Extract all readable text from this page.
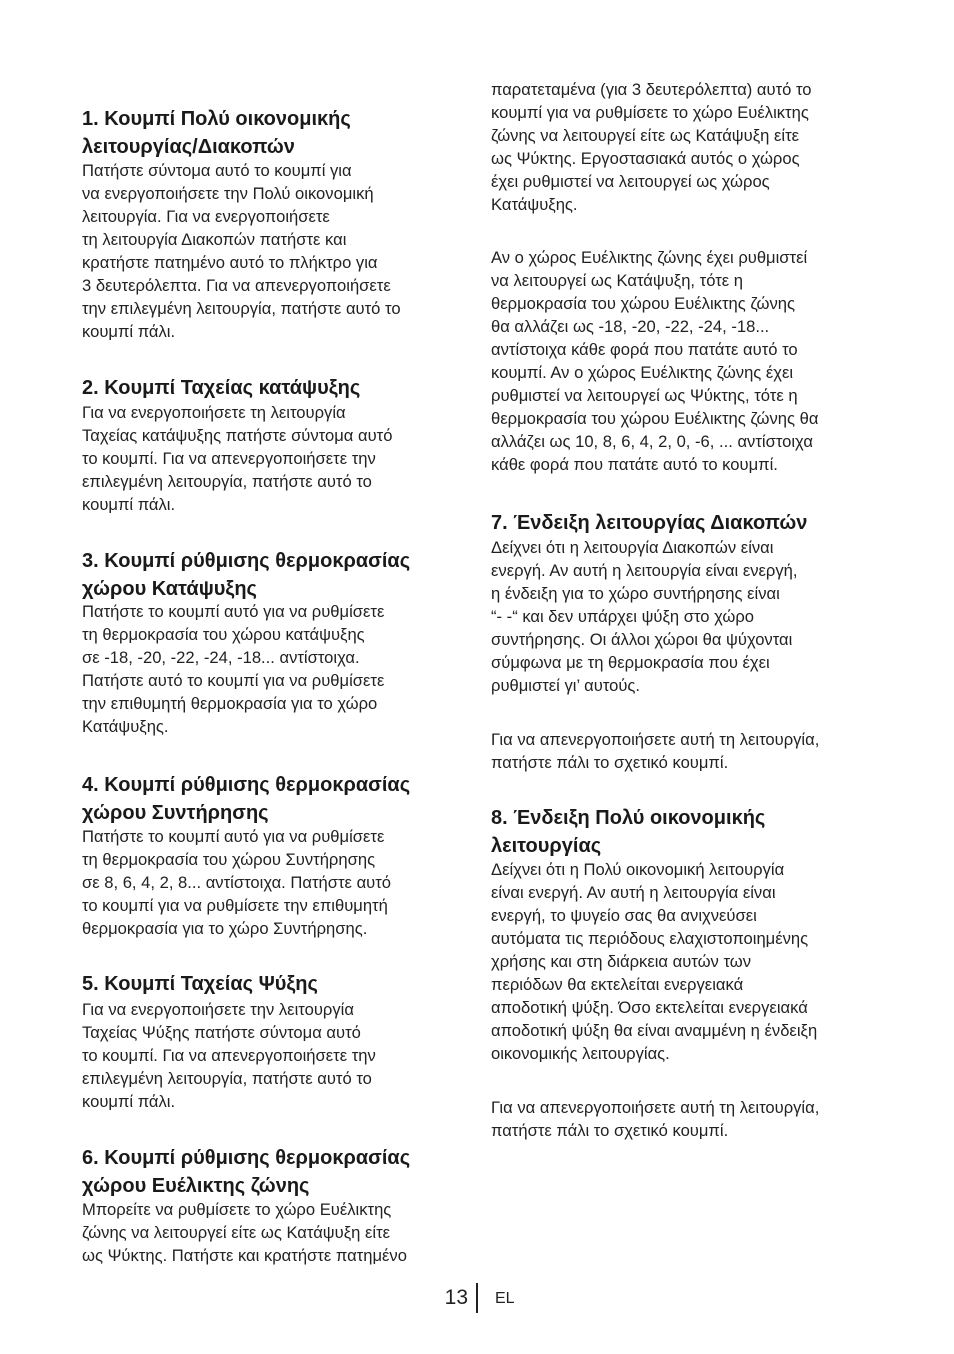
1. Κουμπί Πολύ οικονομικής
λειτουργίας/Διακοπών
Πατήστε σύντομα αυτό το κουμπί για
να ενεργοποιήσετε την Πολύ οικονομική
λειτουργία. Για να ενεργοποιήσετε
τη λειτουργία Διακοπών πατήστε και
κρατήστε πατημένο αυτό το πλήκτρο για
3 δευτερόλεπτα. Για να απενεργοποιήσετε
την επιλεγμένη λειτουργία, πατήστε αυτό το
κουμπί πάλι.
2. Κουμπί Ταχείας κατάψυξης
Για να ενεργοποιήσετε τη λειτουργία
Ταχείας κατάψυξης πατήστε σύντομα αυτό
το κουμπί. Για να απενεργοποιήσετε την
επιλεγμένη λειτουργία, πατήστε αυτό το
κουμπί πάλι.
3. Κουμπί ρύθμισης θερμοκρασίας
χώρου Κατάψυξης
Πατήστε το κουμπί αυτό για να ρυθμίσετε
τη θερμοκρασία του χώρου κατάψυξης
σε -18, -20, -22, -24, -18... αντίστοιχα.
Πατήστε αυτό το κουμπί για να ρυθμίσετε
την επιθυμητή θερμοκρασία για το χώρο
Κατάψυξης.
4. Κουμπί ρύθμισης θερμοκρασίας
χώρου Συντήρησης
Πατήστε το κουμπί αυτό για να ρυθμίσετε
τη θερμοκρασία του χώρου Συντήρησης
σε 8, 6, 4, 2, 8... αντίστοιχα. Πατήστε αυτό
το κουμπί για να ρυθμίσετε την επιθυμητή
θερμοκρασία για το χώρο Συντήρησης.
5. Κουμπί Ταχείας Ψύξης
Για να ενεργοποιήσετε την λειτουργία
Ταχείας Ψύξης πατήστε σύντομα αυτό
το κουμπί. Για να απενεργοποιήσετε την
επιλεγμένη λειτουργία, πατήστε αυτό το
κουμπί πάλι.
6. Κουμπί ρύθμισης θερμοκρασίας
χώρου Ευέλικτης ζώνης
Μπορείτε να ρυθμίσετε το χώρο Ευέλικτης
ζώνης να λειτουργεί είτε ως Κατάψυξη είτε
ως Ψύκτης. Πατήστε και κρατήστε πατημένο
παρατεταμένα (για 3 δευτερόλεπτα) αυτό το
κουμπί για να ρυθμίσετε το χώρο Ευέλικτης
ζώνης να λειτουργεί είτε ως Κατάψυξη είτε
ως Ψύκτης. Εργοστασιακά αυτός ο χώρος
έχει ρυθμιστεί να λειτουργεί ως χώρος
Κατάψυξης.
Αν ο χώρος Ευέλικτης ζώνης έχει ρυθμιστεί
να λειτουργεί ως Κατάψυξη, τότε η
θερμοκρασία του χώρου Ευέλικτης ζώνης
θα αλλάζει ως -18, -20, -22, -24, -18...
αντίστοιχα κάθε φορά που πατάτε αυτό το
κουμπί. Αν ο χώρος Ευέλικτης ζώνης έχει
ρυθμιστεί να λειτουργεί ως Ψύκτης, τότε η
θερμοκρασία του χώρου Ευέλικτης ζώνης θα
αλλάζει ως 10, 8, 6, 4, 2, 0, -6, ... αντίστοιχα
κάθε φορά που πατάτε αυτό το κουμπί.
7. Ένδειξη λειτουργίας Διακοπών
Δείχνει ότι η λειτουργία Διακοπών είναι
ενεργή. Αν αυτή η λειτουργία είναι ενεργή,
η ένδειξη για το χώρο συντήρησης είναι
“- -“ και δεν υπάρχει ψύξη στο χώρο
συντήρησης. Οι άλλοι χώροι θα ψύχονται
σύμφωνα με τη θερμοκρασία που έχει
ρυθμιστεί γι’ αυτούς.
Για να απενεργοποιήσετε αυτή τη λειτουργία,
πατήστε πάλι το σχετικό κουμπί.
8. Ένδειξη Πολύ οικονομικής
λειτουργίας
Δείχνει ότι η Πολύ οικονομική λειτουργία
είναι ενεργή. Αν αυτή η λειτουργία είναι
ενεργή, το ψυγείο σας θα ανιχνεύσει
αυτόματα τις περιόδους ελαχιστοποιημένης
χρήσης και στη διάρκεια αυτών των
περιόδων θα εκτελείται ενεργειακά
αποδοτική ψύξη. Όσο εκτελείται ενεργειακά
αποδοτική ψύξη θα είναι αναμμένη η ένδειξη
οικονομικής λειτουργίας.
Για να απενεργοποιήσετε αυτή τη λειτουργία,
πατήστε πάλι το σχετικό κουμπί.
13 EL
